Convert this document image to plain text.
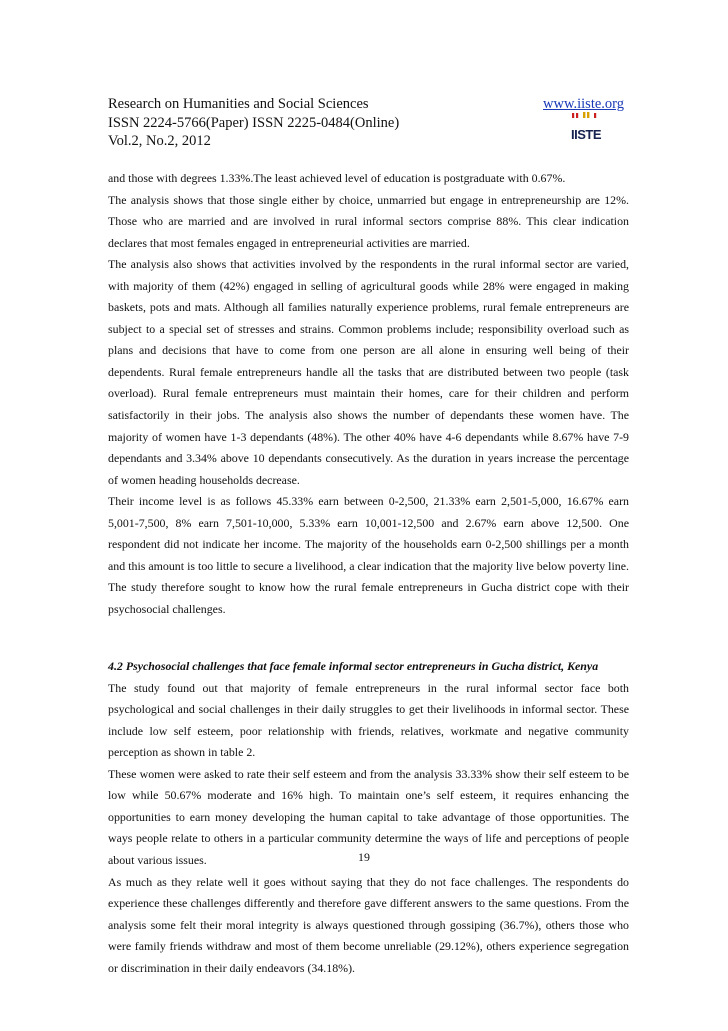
Research on Humanities and Social Sciences
ISSN 2224-5766(Paper) ISSN 2225-0484(Online)
Vol.2, No.2, 2012
www.iiste.org
IISTE

and those with degrees 1.33%.The least achieved level of education is postgraduate with 0.67%.

The analysis shows that those single either by choice, unmarried but engage in entrepreneurship are 12%. Those who are married and are involved in rural informal sectors comprise 88%. This clear indication declares that most females engaged in entrepreneurial activities are married.

The analysis also shows that activities involved by the respondents in the rural informal sector are varied, with majority of them (42%) engaged in selling of agricultural goods while 28% were engaged in making baskets, pots and mats. Although all families naturally experience problems, rural female entrepreneurs are subject to a special set of stresses and strains. Common problems include; responsibility overload such as plans and decisions that have to come from one person are all alone in ensuring well being of their dependents. Rural female entrepreneurs handle all the tasks that are distributed between two people (task overload). Rural female entrepreneurs must maintain their homes, care for their children and perform satisfactorily in their jobs. The analysis also shows the number of dependants these women have. The majority of women have 1-3 dependants (48%). The other 40% have 4-6 dependants while 8.67% have 7-9 dependants and 3.34% above 10 dependants consecutively. As the duration in years increase the percentage of women heading households decrease.

Their income level is as follows 45.33% earn between 0-2,500, 21.33% earn 2,501-5,000, 16.67% earn 5,001-7,500, 8% earn 7,501-10,000, 5.33% earn 10,001-12,500 and 2.67% earn above 12,500. One respondent did not indicate her income. The majority of the households earn 0-2,500 shillings per a month and this amount is too little to secure a livelihood, a clear indication that the majority live below poverty line. The study therefore sought to know how the rural female entrepreneurs in Gucha district cope with their psychosocial challenges.

4.2 Psychosocial challenges that face female informal sector entrepreneurs in Gucha district, Kenya

The study found out that majority of female entrepreneurs in the rural informal sector face both psychological and social challenges in their daily struggles to get their livelihoods in informal sector. These include low self esteem, poor relationship with friends, relatives, workmate and negative community perception as shown in table 2.

These women were asked to rate their self esteem and from the analysis 33.33% show their self esteem to be low while 50.67% moderate and 16% high. To maintain one’s self esteem, it requires enhancing the opportunities to earn money developing the human capital to take advantage of those opportunities. The ways people relate to others in a particular community determine the ways of life and perceptions of people about various issues.

As much as they relate well it goes without saying that they do not face challenges. The respondents do experience these challenges differently and therefore gave different answers to the same questions. From the analysis some felt their moral integrity is always questioned through gossiping (36.7%), others those who were family friends withdraw and most of them become unreliable (29.12%), others experience segregation or discrimination in their daily endeavors (34.18%).

19
